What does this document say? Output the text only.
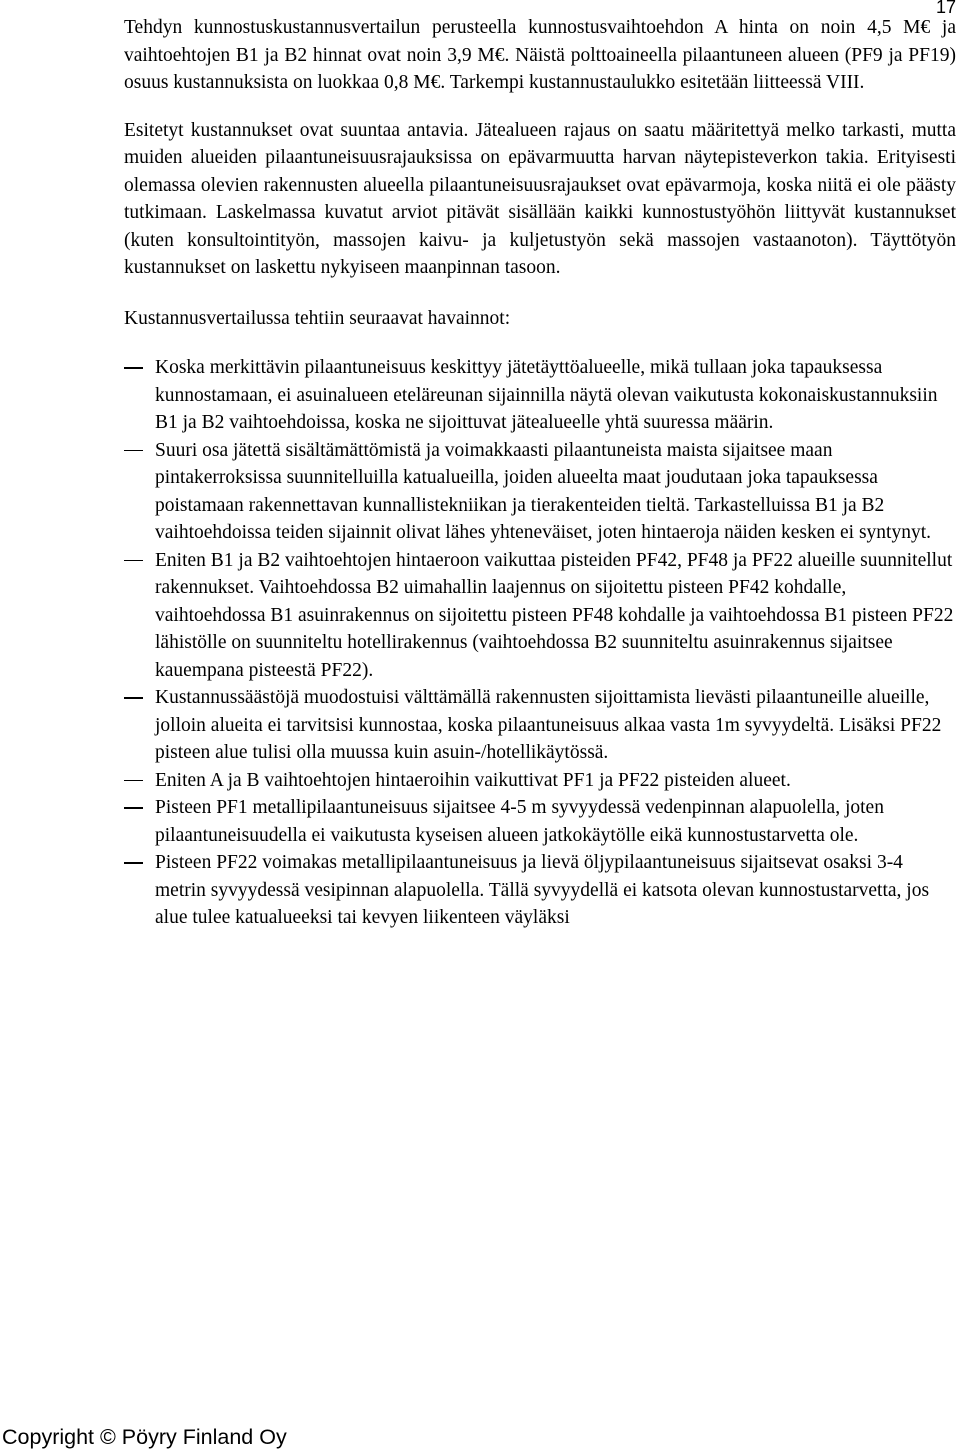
17

Tehdyn kunnostuskustannusvertailun perusteella kunnostusvaihtoehdon A hinta on noin 4,5 M€ ja vaihtoehtojen B1 ja B2 hinnat ovat noin 3,9 M€. Näistä polttoaineella pilaantuneen alueen (PF9 ja PF19) osuus kustannuksista on luokkaa 0,8 M€. Tarkempi kustannustaulukko esitetään liitteessä VIII.

Esitetyt kustannukset ovat suuntaa antavia. Jätealueen rajaus on saatu määritettyä melko tarkasti, mutta muiden alueiden pilaantuneisuusrajauksissa on epävarmuutta harvan näytepisteverkon takia. Erityisesti olemassa olevien rakennusten alueella pilaantuneisuusrajaukset ovat epävarmoja, koska niitä ei ole päästy tutkimaan. Laskelmassa kuvatut arviot pitävät sisällään kaikki kunnostustyöhön liittyvät kustannukset (kuten konsultointityön, massojen kaivu- ja kuljetustyön sekä massojen vastaanoton). Täyttötyön kustannukset on laskettu nykyiseen maanpinnan tasoon.

Kustannusvertailussa tehtiin seuraavat havainnot:

Koska merkittävin pilaantuneisuus keskittyy jätetäyttöalueelle, mikä tullaan joka tapauksessa kunnostamaan, ei asuinalueen eteläreunan sijainnilla näytä olevan vaikutusta kokonaiskustannuksiin B1 ja B2 vaihtoehdoissa, koska ne sijoittuvat jätealueelle yhtä suuressa määrin.
Suuri osa jätettä sisältämättömistä ja voimakkaasti pilaantuneista maista sijaitsee maan pintakerroksissa suunnitelluilla katualueilla, joiden alueelta maat joudutaan joka tapauksessa poistamaan rakennettavan kunnallistekniikan ja tierakenteiden tieltä. Tarkastelluissa B1 ja B2 vaihtoehdoissa teiden sijainnit olivat lähes yhteneväiset, joten hintaeroja näiden kesken ei syntynyt.
Eniten B1 ja B2 vaihtoehtojen hintaeroon vaikuttaa pisteiden PF42, PF48 ja PF22 alueille suunnitellut rakennukset. Vaihtoehdossa B2 uimahallin laajennus on sijoitettu pisteen PF42 kohdalle, vaihtoehdossa B1 asuinrakennus on sijoitettu pisteen PF48 kohdalle ja vaihtoehdossa B1 pisteen PF22 lähistölle on suunniteltu hotellirakennus (vaihtoehdossa B2 suunniteltu asuinrakennus sijaitsee kauempana pisteestä PF22).
Kustannussäästöjä muodostuisi välttämällä rakennusten sijoittamista lievästi pilaantuneille alueille, jolloin alueita ei tarvitsisi kunnostaa, koska pilaantuneisuus alkaa vasta 1m syvyydeltä. Lisäksi PF22 pisteen alue tulisi olla muussa kuin asuin-/hotellikäytössä.
Eniten A ja B vaihtoehtojen hintaeroihin vaikuttivat PF1 ja PF22 pisteiden alueet.
Pisteen PF1 metallipilaantuneisuus sijaitsee 4-5 m syvyydessä vedenpinnan alapuolella, joten pilaantuneisuudella ei vaikutusta kyseisen alueen jatkokäytölle eikä kunnostustarvetta ole.
Pisteen PF22 voimakas metallipilaantuneisuus ja lievä öljypilaantuneisuus sijaitsevat osaksi 3-4 metrin syvyydessä vesipinnan alapuolella. Tällä syvyydellä ei katsota olevan kunnostustarvetta, jos alue tulee katualueeksi tai kevyen liikenteen väyläksi
Copyright © Pöyry Finland Oy
